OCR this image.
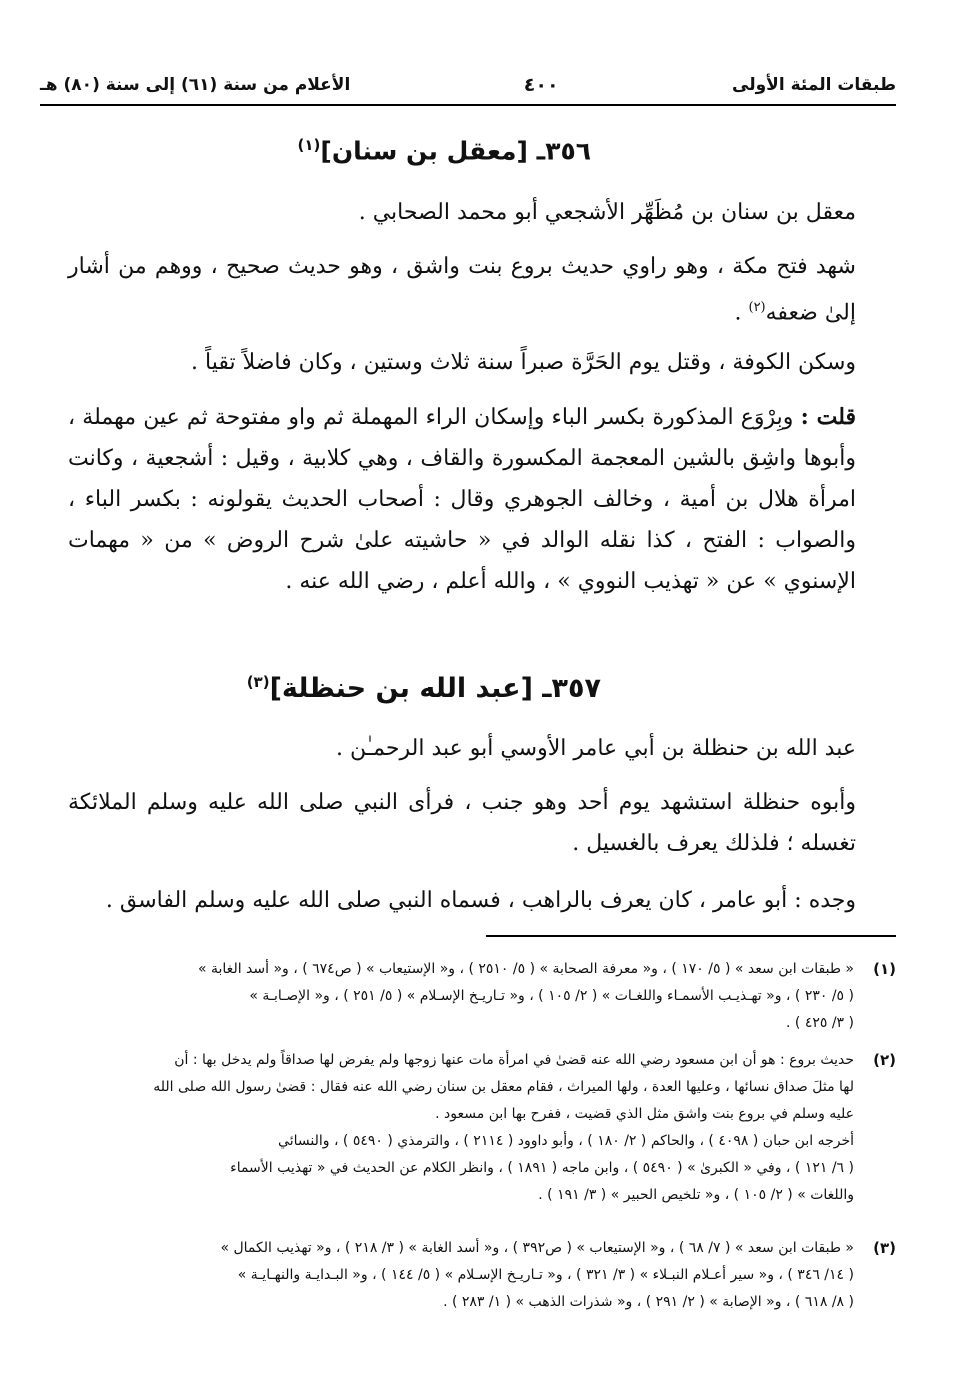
طبقات المئة الأولى
٤٠٠
الأعلام من سنة (٦١) إلى سنة (٨٠) هـ
٣٥٦ـ [معقل بن سنان]$^{(١)}$
معقل بن سنان بن مُظَهِّر الأشجعي أبو محمد الصحابي .
شهد فتح مكة ، وهو راوي حديث بروع بنت واشق ، وهو حديث صحيح ، ووهم من أشار إلىٰ ضعفه$^{(٢)}$ .
وسكن الكوفة ، وقتل يوم الحَرَّة صبراً سنة ثلاث وستين ، وكان فاضلاً تقياً .
قلت : وبِرْوَع المذكورة بكسر الباء وإسكان الراء المهملة ثم واو مفتوحة ثم عين مهملة ، وأبوها واشِق بالشين المعجمة المكسورة والقاف ، وهي كلابية ، وقيل : أشجعية ، وكانت امرأة هلال بن أمية ، وخالف الجوهري وقال : أصحاب الحديث يقولونه : بكسر الباء ، والصواب : الفتح ، كذا نقله الوالد في « حاشيته علىٰ شرح الروض » من « مهمات الإسنوي » عن « تهذيب النووي » ، والله أعلم ، رضي الله عنه .
٣٥٧ـ [عبد الله بن حنظلة]$^{(٣)}$
عبد الله بن حنظلة بن أبي عامر الأوسي أبو عبد الرحمـٰن .
وأبوه حنظلة استشهد يوم أحد وهو جنب ، فرأى النبي صلى الله عليه وسلم الملائكة تغسله ؛ فلذلك يعرف بالغسيل .
وجده : أبو عامر ، كان يعرف بالراهب ، فسماه النبي صلى الله عليه وسلم الفاسق .
(١)
« طبقات ابن سعد » ( ٥/ ١٧٠ ) ، و« معرفة الصحابة » ( ٥/ ٢٥١٠ ) ، و« الإستيعاب » ( ص٦٧٤ ) ، و« أسد الغابة »
( ٥/ ٢٣٠ ) ، و« تهـذيـب الأسمـاء واللغـات » ( ٢/ ١٠٥ ) ، و« تـاريـخ الإسـلام » ( ٥/ ٢٥١ ) ، و« الإصـابـة »
( ٣/ ٤٢٥ ) .
(٢)
حديث بروع : هو أن ابن مسعود رضي الله عنه قضىٰ في امرأة مات عنها زوجها ولم يفرض لها صداقاً ولم يدخل بها : أن
لها مثلَ صداق نسائها ، وعليها العدة ، ولها الميراث ، فقام معقل بن سنان رضي الله عنه فقال : قضىٰ رسول الله صلى الله
عليه وسلم في بروع بنت واشق مثل الذي قضيت ، ففرح بها ابن مسعود .
أخرجه ابن حبان ( ٤٠٩٨ ) ، والحاكم ( ٢/ ١٨٠ ) ، وأبو داوود ( ٢١١٤ ) ، والترمذي ( ٥٤٩٠ ) ، والنسائي
( ٦/ ١٢١ ) ، وفي « الكبرىٰ » ( ٥٤٩٠ ) ، وابن ماجه ( ١٨٩١ ) ، وانظر الكلام عن الحديث في « تهذيب الأسماء
واللغات » ( ٢/ ١٠٥ ) ، و« تلخيص الحبير » ( ٣/ ١٩١ ) .
(٣)
« طبقات ابن سعد » ( ٧/ ٦٨ ) ، و« الإستيعاب » ( ص٣٩٢ ) ، و« أسد الغابة » ( ٣/ ٢١٨ ) ، و« تهذيب الكمال »
( ١٤/ ٣٤٦ ) ، و« سير أعـلام النبـلاء » ( ٣/ ٣٢١ ) ، و« تـاريـخ الإسـلام » ( ٥/ ١٤٤ ) ، و« البـدايـة والنهـايـة »
( ٨/ ٦١٨ ) ، و« الإصابة » ( ٢/ ٢٩١ ) ، و« شذرات الذهب » ( ١/ ٢٨٣ ) .
